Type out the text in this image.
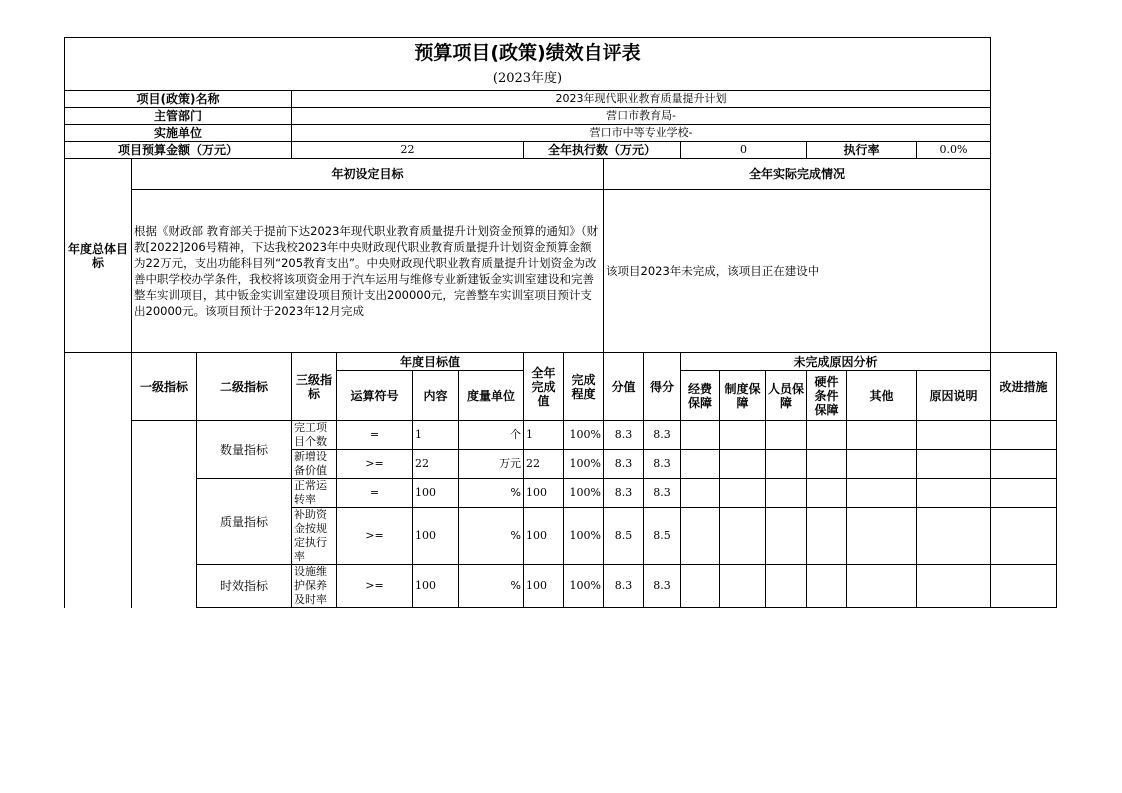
预算项目(政策)绩效自评表																	
(2023年度)																	
项目(政策)名称			2023年现代职业教育质量提升计划														
主管部门			营口市教育局-														
实施单位			营口市中等专业学校-														
项目预算金额（万元）			22				全年执行数（万元）				0			执行率		0.0%	
年度总体目标	年初设定目标								全年实际完成情况								
	根据《财政部 教育部关于提前下达2023年现代职业教育质量提升计划资金预算的通知》（财教[2022]206号精神，下达我校2023年中央财政现代职业教育质量提升计划资金预算金额为22万元，支出功能科目列“205教育支出”。中央财政现代职业教育质量提升计划资金为改善中职学校办学条件，我校将该项资金用于汽车运用与维修专业新建钣金实训室建设和完善整车实训项目，其中钣金实训室建设项目预计支出200000元，完善整车实训室项目预计支出20000元。该项目预计于2023年12月完成								该项目2023年未完成，该项目正在建设中								
	一级指标	二级指标	三级指标	年度目标值			全年完成值	完成程度	分值	得分	未完成原因分析						改进措施
				运算符号	内容	度量单位					经费保障	制度保障	人员保障	硬件条件保障	其他	原因说明	

		数量指标	完工项目个数	=	1	个	1	100%	8.3	8.3							
			新增设备价值	>=	22	万元	22	100%	8.3	8.3							
		质量指标	正常运转率	=	100	%	100	100%	8.3	8.3							
			补助资金按规定执行率	>=	100	%	100	100%	8.5	8.5							
		时效指标	设施维护保养及时率	>=	100	%	100	100%	8.3	8.3							
